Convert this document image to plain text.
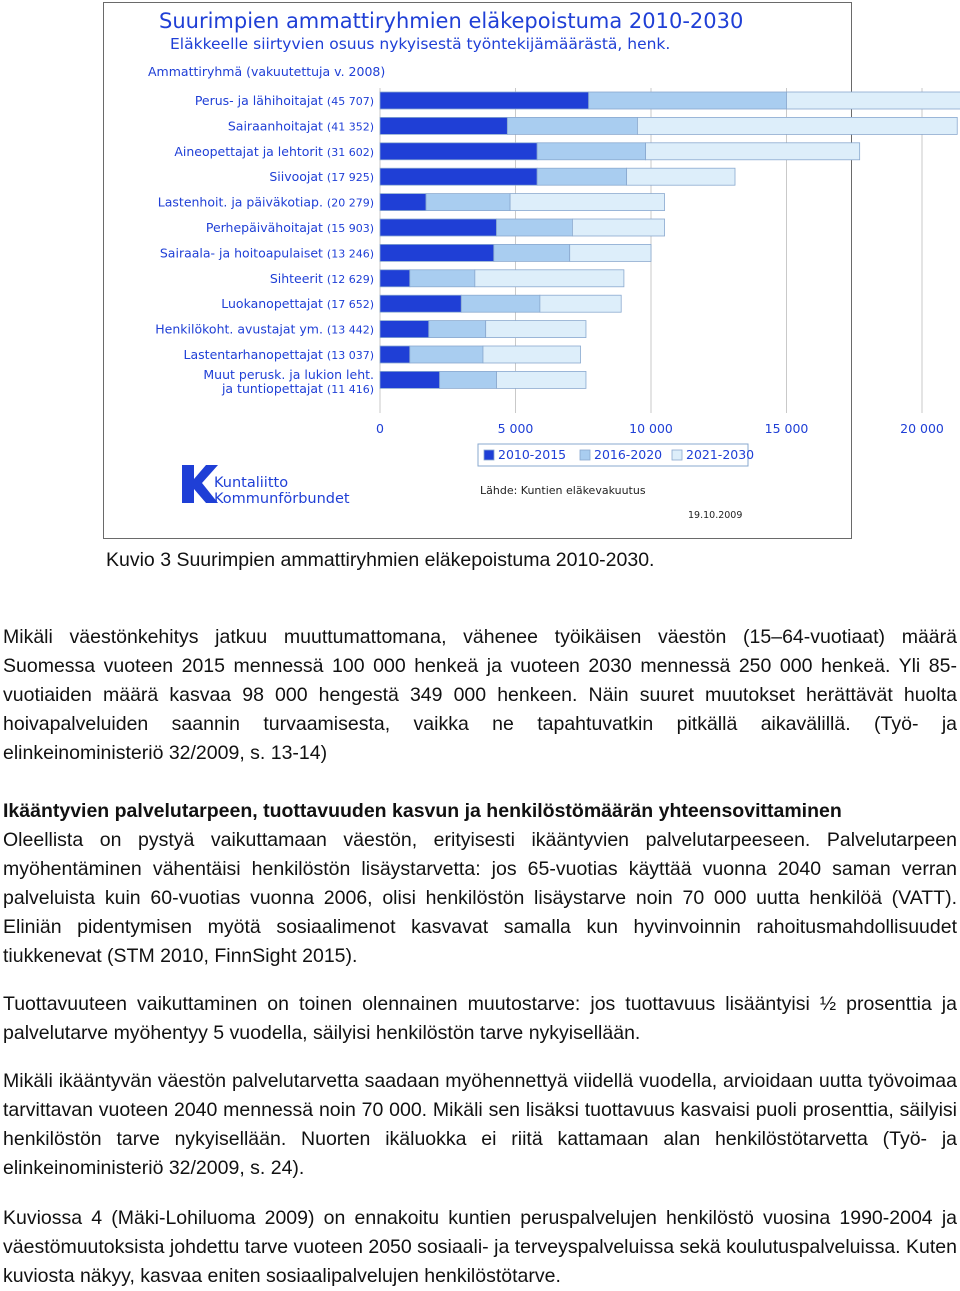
Suurimpien ammattiryhmien eläkepoistuma 2010-2030
Eläkkeelle siirtyvien osuus nykyisestä työntekijämäärästä, henk.
Ammattiryhmä (vakuutettuja v. 2008)
Perus- ja lähihoitajat (45 707)
Sairaanhoitajat (41 352)
Aineopettajat ja lehtorit (31 602)
Siivoojat (17 925)
Lastenhoit. ja päiväkotiap. (20 279)
Perhepäivähoitajat (15 903)
Sairaala- ja hoitoapulaiset (13 246)
Sihteerit (12 629)
Luokanopettajat (17 652)
Henkilökoht. avustajat ym. (13 442)
Lastentarhanopettajat (13 037)
Muut perusk. ja lukion leht.
ja tuntiopettajat (11 416)
0	5 000	10 000	15 000	20 000
2010-2015 2016-2020 2021-2030
Kuntaliitto
Kommunförbundet
Lähde: Kuntien eläkevakuutus
19.10.2009
Kuvio 3 Suurimpien ammattiryhmien eläkepoistuma 2010-2030.

Mikäli väestönkehitys jatkuu muuttumattomana, vähenee työikäisen väestön (15–64-vuotiaat) määrä Suomessa vuoteen 2015 mennessä 100 000 henkeä ja vuoteen 2030 mennessä 250 000 henkeä. Yli 85-vuotiaiden määrä kasvaa 98 000 hengestä 349 000 henkeen. Näin suuret muutokset herättävät huolta hoivapalveluiden saannin turvaamisesta, vaikka ne tapahtuvatkin pitkällä aikavälillä. (Työ- ja elinkeinoministeriö 32/2009, s. 13-14)

Ikääntyvien palvelutarpeen, tuottavuuden kasvun ja henkilöstömäärän yhteensovittaminen

Oleellista on pystyä vaikuttamaan väestön, erityisesti ikääntyvien palvelutarpeeseen. Palvelutarpeen myöhentäminen vähentäisi henkilöstön lisäystarvetta: jos 65-vuotias käyttää vuonna 2040 saman verran palveluista kuin 60-vuotias vuonna 2006, olisi henkilöstön lisäystarve noin 70 000 uutta henkilöä (VATT). Eliniän pidentymisen myötä sosiaalimenot kasvavat samalla kun hyvinvoinnin rahoitusmahdollisuudet tiukkenevat (STM 2010, FinnSight 2015).

Tuottavuuteen vaikuttaminen on toinen olennainen muutostarve: jos tuottavuus lisääntyisi ½ prosenttia ja palvelutarve myöhentyy 5 vuodella, säilyisi henkilöstön tarve nykyisellään.

Mikäli ikääntyvän väestön palvelutarvetta saadaan myöhennettyä viidellä vuodella, arvioidaan uutta työvoimaa tarvittavan vuoteen 2040 mennessä noin 70 000. Mikäli sen lisäksi tuottavuus kasvaisi puoli prosenttia, säilyisi henkilöstön tarve nykyisellään. Nuorten ikäluokka ei riitä kattamaan alan henkilöstötarvetta (Työ- ja elinkeinoministeriö 32/2009, s. 24).

Kuviossa 4 (Mäki-Lohiluoma 2009) on ennakoitu kuntien peruspalvelujen henkilöstö vuosina 1990-2004 ja väestömuutoksista johdettu tarve vuoteen 2050 sosiaali- ja terveyspalveluissa sekä koulutuspalveluissa. Kuten kuviosta näkyy, kasvaa eniten sosiaalipalvelujen henkilöstötarve.
